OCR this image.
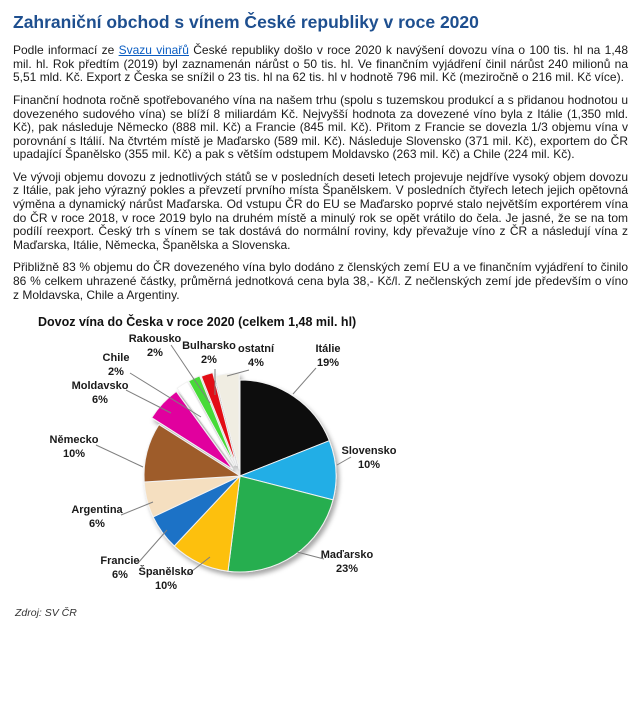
Zahraniční obchod s vínem České republiky v roce 2020

Podle informací ze Svazu vinařů České republiky došlo v roce 2020 k navýšení dovozu vína o 100 tis. hl na 1,48 mil. hl. Rok předtím (2019) byl zaznamenán nárůst o 50 tis. hl. Ve finančním vyjádření činil nárůst 240 milionů na 5,51 mld. Kč. Export z Česka se snížil o 23 tis. hl na 62 tis. hl v hodnotě 796 mil. Kč (meziročně o 216 mil. Kč více).

Finanční hodnota ročně spotřebovaného vína na našem trhu (spolu s tuzemskou produkcí a s přidanou hodnotou u dovezeného sudového vína) se blíží 8 miliardám Kč. Nejvyšší hodnota za dovezené víno byla z Itálie (1,350 mld. Kč), pak následuje Německo (888 mil. Kč) a Francie (845 mil. Kč). Přitom z Francie se dovezla 1/3 objemu vína v porovnání s Itálií. Na čtvrtém místě je Maďarsko (589 mil. Kč). Následuje Slovensko (371 mil. Kč), exportem do ČR upadající Španělsko (355 mil. Kč) a pak s větším odstupem Moldavsko (263 mil. Kč) a Chile (224 mil. Kč).

Ve vývoji objemu dovozu z jednotlivých států se v posledních deseti letech projevuje nejdříve vysoký objem dovozu z Itálie, pak jeho výrazný pokles a převzetí prvního místa Španělskem. V posledních čtyřech letech jejich opětovná výměna a dynamický nárůst Maďarska. Od vstupu ČR do EU se Maďarsko poprvé stalo největším exportérem vína do ČR v roce 2018, v roce 2019 bylo na druhém místě a minulý rok se opět vrátilo do čela. Je jasné, že se na tom podílí reexport. Český trh s vínem se tak dostává do normální roviny, kdy převažuje víno z ČR a následují vína z Maďarska, Itálie, Německa, Španělska a Slovenska.

Přibližně 83 % objemu do ČR dovezeného vína bylo dodáno z členských zemí EU a ve finančním vyjádření to činilo 86 % celkem uhrazené částky, průměrná jednotková cena byla 38,- Kč/l. Z nečlenských zemí jde především o víno z Moldavska, Chile a Argentiny.

Dovoz vína do Česka v roce 2020 (celkem 1,48 mil. hl)
Itálie 19%
Slovensko 10%
Maďarsko 23%
Španělsko 10%
Francie 6%
Argentina 6%
Německo 10%
Moldavsko 6%
Chile 2%
Rakousko 2%
Bulharsko 2%
ostatní 4%
Zdroj: SV ČR
